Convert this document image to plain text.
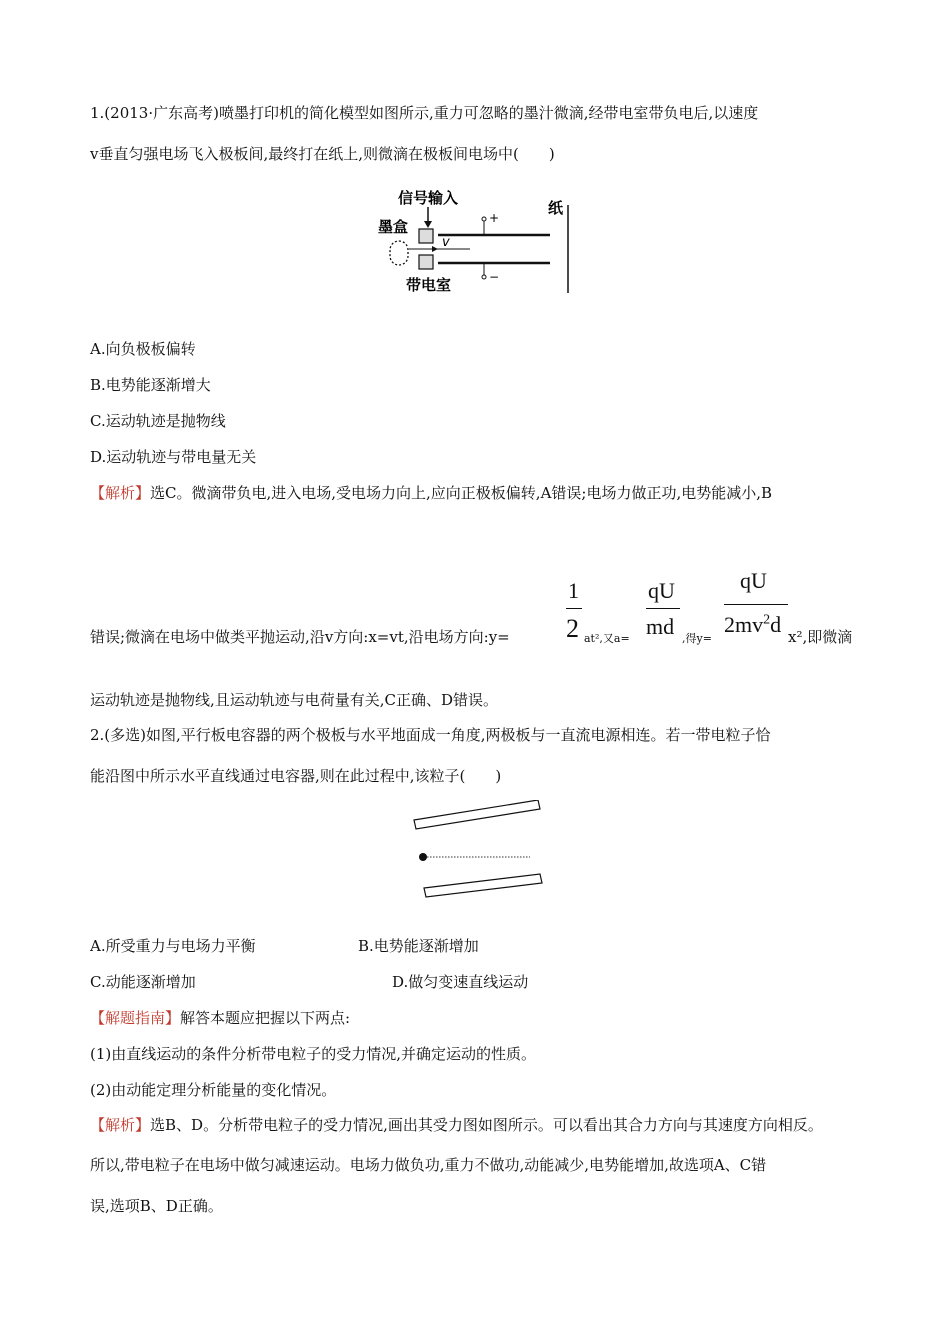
1.(2013·广东高考)喷墨打印机的简化模型如图所示,重力可忽略的墨汁微滴,经带电室带负电后,以速度
v垂直匀强电场飞入极板间,最终打在纸上,则微滴在极板间电场中(　　)
信号输入
墨盒
v
+
−
带电室
纸
A.向负极板偏转
B.电势能逐渐增大
C.运动轨迹是抛物线
D.运动轨迹与带电量无关
【解析】选C。微滴带负电,进入电场,受电场力向上,应向正极板偏转,A错误;电场力做正功,电势能减小,B
错误;微滴在电场中做类平抛运动,沿v方向:x=vt,沿电场方向:y=
1
2 at²,又a=
qU
md ,得y=
qU
$2mv^2d$ x²,即微滴
运动轨迹是抛物线,且运动轨迹与电荷量有关,C正确、D错误。
2.(多选)如图,平行板电容器的两个极板与水平地面成一角度,两极板与一直流电源相连。若一带电粒子恰
能沿图中所示水平直线通过电容器,则在此过程中,该粒子(　　)
A.所受重力与电场力平衡	B.电势能逐渐增加
C.动能逐渐增加	D.做匀变速直线运动
【解题指南】解答本题应把握以下两点:
(1)由直线运动的条件分析带电粒子的受力情况,并确定运动的性质。
(2)由动能定理分析能量的变化情况。
【解析】选B、D。分析带电粒子的受力情况,画出其受力图如图所示。可以看出其合力方向与其速度方向相反。
所以,带电粒子在电场中做匀减速运动。电场力做负功,重力不做功,动能减少,电势能增加,故选项A、C错
误,选项B、D正确。
